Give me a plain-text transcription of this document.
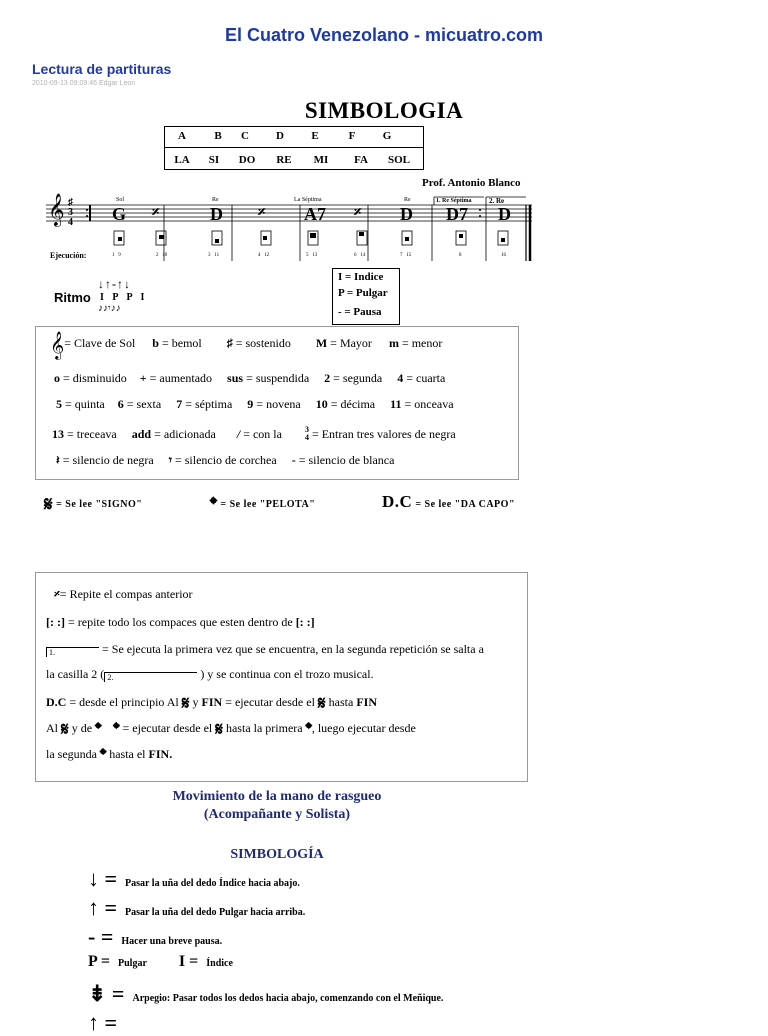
El Cuatro Venezolano - micuatro.com
Lectura de partituras
2010-09-13 09:09:46 Edgar Leon
SIMBOLOGIA
A	B C D E	F G
LA SI DO RE MI FA SOL
Prof. Antonio Blanco
𝄞 ♯
3
4
Sol	Re	La Séptima	Re	1. Re Séptima	2. Re
G 𝄎	D 𝄎 A7 𝄎 D D7 D
Ejecución:	1 9	2 10	3 11	4 12	5 13	6 14	7 15	8	16
Ritmo
↓↑-↑↓
I P P I
♪♪𝄾♪♪
I = Indice
P = Pulgar
- = Pausa
𝄞= Clave de Sol b = bemol ♯ = sostenido M = Mayor m = menor
o = disminuido + = aumentado sus = suspendida 2 = segunda 4 = cuarta
5 = quinta 6 = sexta 7 = séptima 9 = novena 10 = décima 11 = onceava
13 = treceava add = adicionada / = con la	3
4 = Entran tres valores de negra
𝄽 = silencio de negra 𝄾 = silencio de corchea - = silencio de blanca
𝄋 = Se lee "SIGNO"	𝄌 = Se lee "PELOTA"	D.C = Se lee "DA CAPO"
𝄎= Repite el compas anterior
[: :] = repite todo los compaces que esten dentro de [: :]
1.	= Se ejecuta la primera vez que se encuentra, en la segunda repetición se salta a
la casilla 2 ( 2.	) y se continua con el trozo musical.
D.C = desde el principio Al 𝄋 y FIN = ejecutar desde el 𝄋 hasta FIN
Al 𝄋 y de 𝄌 𝄌 = ejecutar desde el 𝄋 hasta la primera 𝄌, luego ejecutar desde
la segunda 𝄌 hasta el FIN.
Movimiento de la mano de rasgueo
(Acompañante y Solista)
SIMBOLOGÍA
↓ = Pasar la uña del dedo Índice hacia abajo.
↑ = Pasar la uña del dedo Pulgar hacia arriba.
- = Hacer una breve pausa.
P = Pulgar I = Índice
⇟ = Arpegio: Pasar todos los dedos hacia abajo, comenzando con el Meñique.
↑ =
